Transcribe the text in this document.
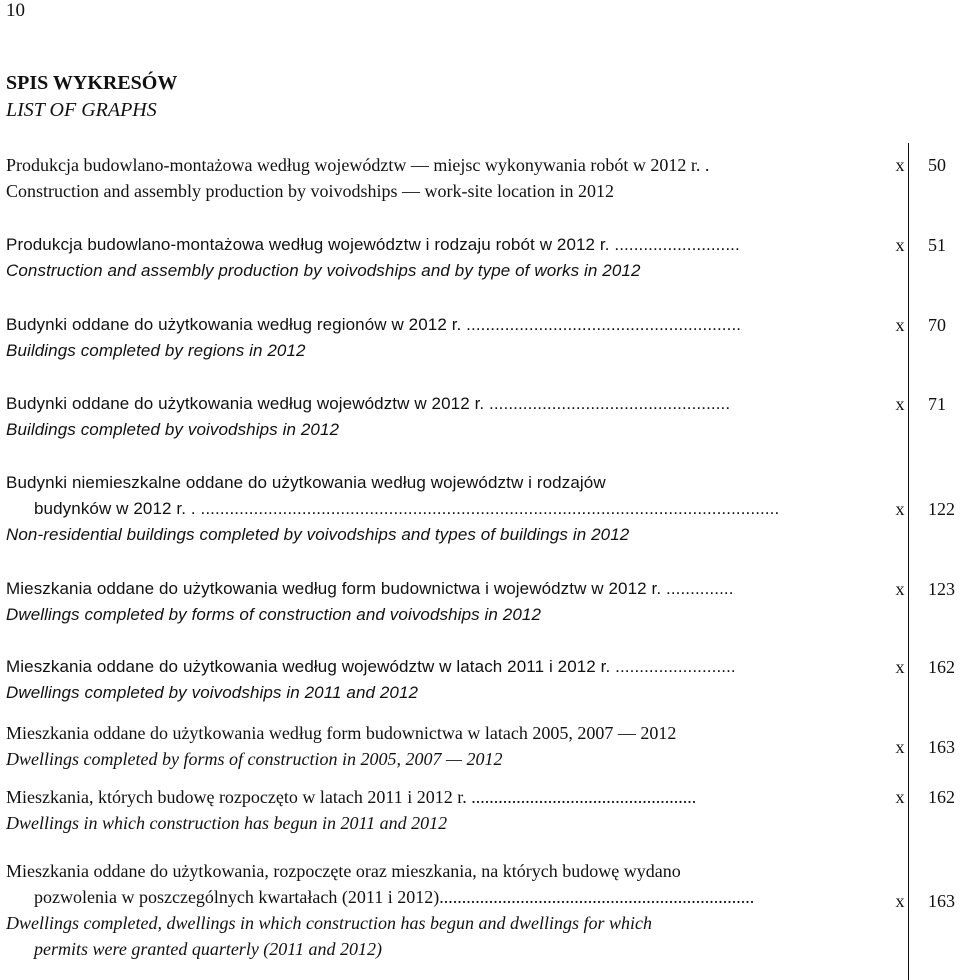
10
SPIS WYKRESÓW
LIST OF GRAPHS
Produkcja budowlano-montażowa według województw — miejsc wykonywania robót w 2012 r. .
Construction and assembly production by voivodships — work-site location in 2012
x 50
Produkcja budowlano-montażowa według województw i rodzaju robót w 2012 r. ..........................
Construction and assembly production by voivodships and by type of works in 2012
x 51
Budynki oddane do użytkowania według regionów w 2012 r. .........................................................
Buildings completed by regions in 2012
x 70
Budynki oddane do użytkowania według województw w 2012 r. ..................................................
Buildings completed by voivodships in 2012
x 71
Budynki niemieszkalne oddane do użytkowania według województw i rodzajów
budynków w 2012 r. . ........................................................................................................................
Non-residential buildings completed by voivodships and types of buildings in 2012
x 122
Mieszkania oddane do użytkowania według form budownictwa i województw w 2012 r. ..............
Dwellings completed by forms of construction and voivodships in 2012
x 123
Mieszkania oddane do użytkowania według województw w latach 2011 i 2012 r. .........................
Dwellings completed by voivodships in 2011 and 2012
x 162
Mieszkania oddane do użytkowania według form budownictwa w latach 2005, 2007 — 2012
Dwellings completed by forms of construction in 2005, 2007 — 2012
x 163
Mieszkania, których budowę rozpoczęto w latach 2011 i 2012 r. ..................................................
Dwellings in which construction has begun in 2011 and 2012
x 162
Mieszkania oddane do użytkowania, rozpoczęte oraz mieszkania, na których budowę wydano
pozwolenia w poszczególnych kwartałach (2011 i 2012)......................................................................
Dwellings completed, dwellings in which construction has begun and dwellings for which
permits were granted quarterly (2011 and 2012)
x 163
